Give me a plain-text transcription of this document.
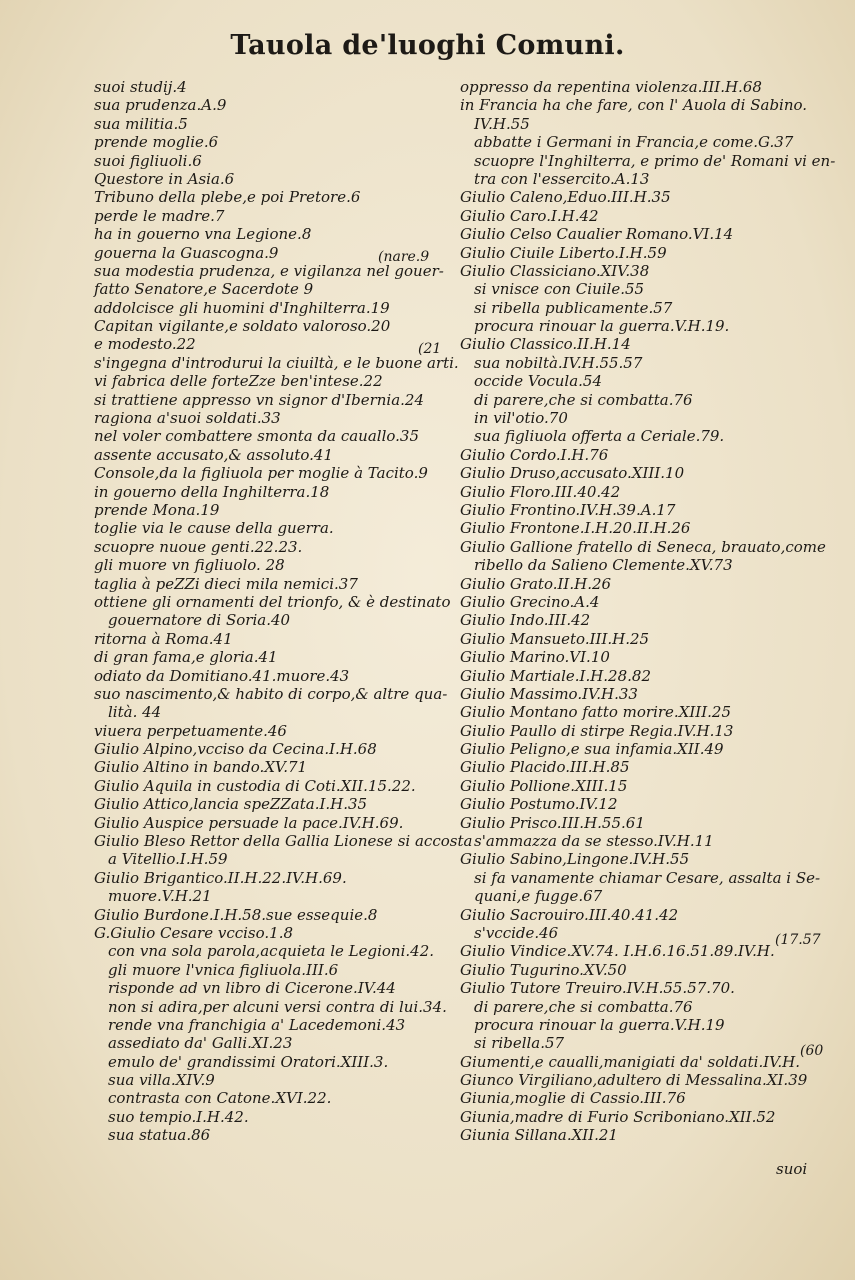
Tauola de'luoghi Comuni.
suoi studij.4
sua prudenza.A.9
sua militia.5
prende moglie.6
suoi figliuoli.6
Questore in Asia.6
Tribuno della plebe,e poi Pretore.6
perde le madre.7
ha in gouerno vna Legione.8
gouerna la Guascogna.9
sua modestia prudenza, e vigilanza nel gouer-
fatto Senatore,e Sacerdote 9
addolcisce gli huomini d'Inghilterra.19
Capitan vigilante,e soldato valoroso.20
e modesto.22
s'ingegna d'introdurui la ciuiltà, e le buone arti.
vi fabrica delle forteZze ben'intese.22
si trattiene appresso vn signor d'Ibernia.24
ragiona a'suoi soldati.33
nel voler combattere smonta da cauallo.35
assente accusato,& assoluto.41
Console,da la figliuola per moglie à Tacito.9
in gouerno della Inghilterra.18
prende Mona.19
toglie via le cause della guerra.
scuopre nuoue genti.22.23.
gli muore vn figliuolo. 28
taglia à peZZi dieci mila nemici.37
ottiene gli ornamenti del trionfo, & è destinato
gouernatore di Soria.40
ritorna à Roma.41
di gran fama,e gloria.41
odiato da Domitiano.41.muore.43
suo nascimento,& habito di corpo,& altre qua-
lità. 44
viuera perpetuamente.46
Giulio Alpino,vcciso da Cecina.I.H.68
Giulio Altino in bando.XV.71
Giulio Aquila in custodia di Coti.XII.15.22.
Giulio Attico,lancia speZZata.I.H.35
Giulio Auspice persuade la pace.IV.H.69.
Giulio Bleso Rettor della Gallia Lionese si accosta
a Vitellio.I.H.59
Giulio Brigantico.II.H.22.IV.H.69.
muore.V.H.21
Giulio Burdone.I.H.58.sue essequie.8
G.Giulio Cesare vcciso.1.8
con vna sola parola,acquieta le Legioni.42.
gli muore l'vnica figliuola.III.6
risponde ad vn libro di Cicerone.IV.44
non si adira,per alcuni versi contra di lui.34.
rende vna franchigia a' Lacedemoni.43
assediato da' Galli.XI.23
emulo de' grandissimi Oratori.XIII.3.
sua villa.XIV.9
contrasta con Catone.XVI.22.
suo tempio.I.H.42.
sua statua.86
oppresso da repentina violenza.III.H.68
in Francia ha che fare, con l' Auola di Sabino.
IV.H.55
abbatte i Germani in Francia,e come.G.37
scuopre l'Inghilterra, e primo de' Romani vi en-
tra con l'essercito.A.13
Giulio Caleno,Eduo.III.H.35
Giulio Caro.I.H.42
Giulio Celso Caualier Romano.VI.14
Giulio Ciuile Liberto.I.H.59
Giulio Classiciano.XIV.38
si vnisce con Ciuile.55
si ribella publicamente.57
procura rinouar la guerra.V.H.19.
Giulio Classico.II.H.14
sua nobiltà.IV.H.55.57
occide Vocula.54
di parere,che si combatta.76
in vil'otio.70
sua figliuola offerta a Ceriale.79.
Giulio Cordo.I.H.76
Giulio Druso,accusato.XIII.10
Giulio Floro.III.40.42
Giulio Frontino.IV.H.39.A.17
Giulio Frontone.I.H.20.II.H.26
Giulio Gallione fratello di Seneca, brauato,come
ribello da Salieno Clemente.XV.73
Giulio Grato.II.H.26
Giulio Grecino.A.4
Giulio Indo.III.42
Giulio Mansueto.III.H.25
Giulio Marino.VI.10
Giulio Martiale.I.H.28.82
Giulio Massimo.IV.H.33
Giulio Montano fatto morire.XIII.25
Giulio Paullo di stirpe Regia.IV.H.13
Giulio Pelignо,e sua infamia.XII.49
Giulio Placido.III.H.85
Giulio Pollione.XIII.15
Giulio Postumo.IV.12
Giulio Prisco.III.H.55.61
s'ammazza da se stesso.IV.H.11
Giulio Sabino,Lingone.IV.H.55
si fa vanamente chiamar Cesare, assalta i Se-
quani,e fugge.67
Giulio Sacrouiro.III.40.41.42
s'vccide.46
Giulio Vindice.XV.74. I.H.6.16.51.89.IV.H.
Giulio Tugurino.XV.50
Giulio Tutore Treuiro.IV.H.55.57.70.
di parere,che si combatta.76
procura rinouar la guerra.V.H.19
si ribella.57
Giumenti,e caualli,manigiati da' soldati.IV.H.
Giunco Virgiliano,adultero di Messalina.XI.39
Giunia,moglie di Cassio.III.76
Giunia,madre di Furio Scriboniano.XII.52
Giunia Sillana.XII.21
(nare.9
(21
(17.57
(60
suoi
